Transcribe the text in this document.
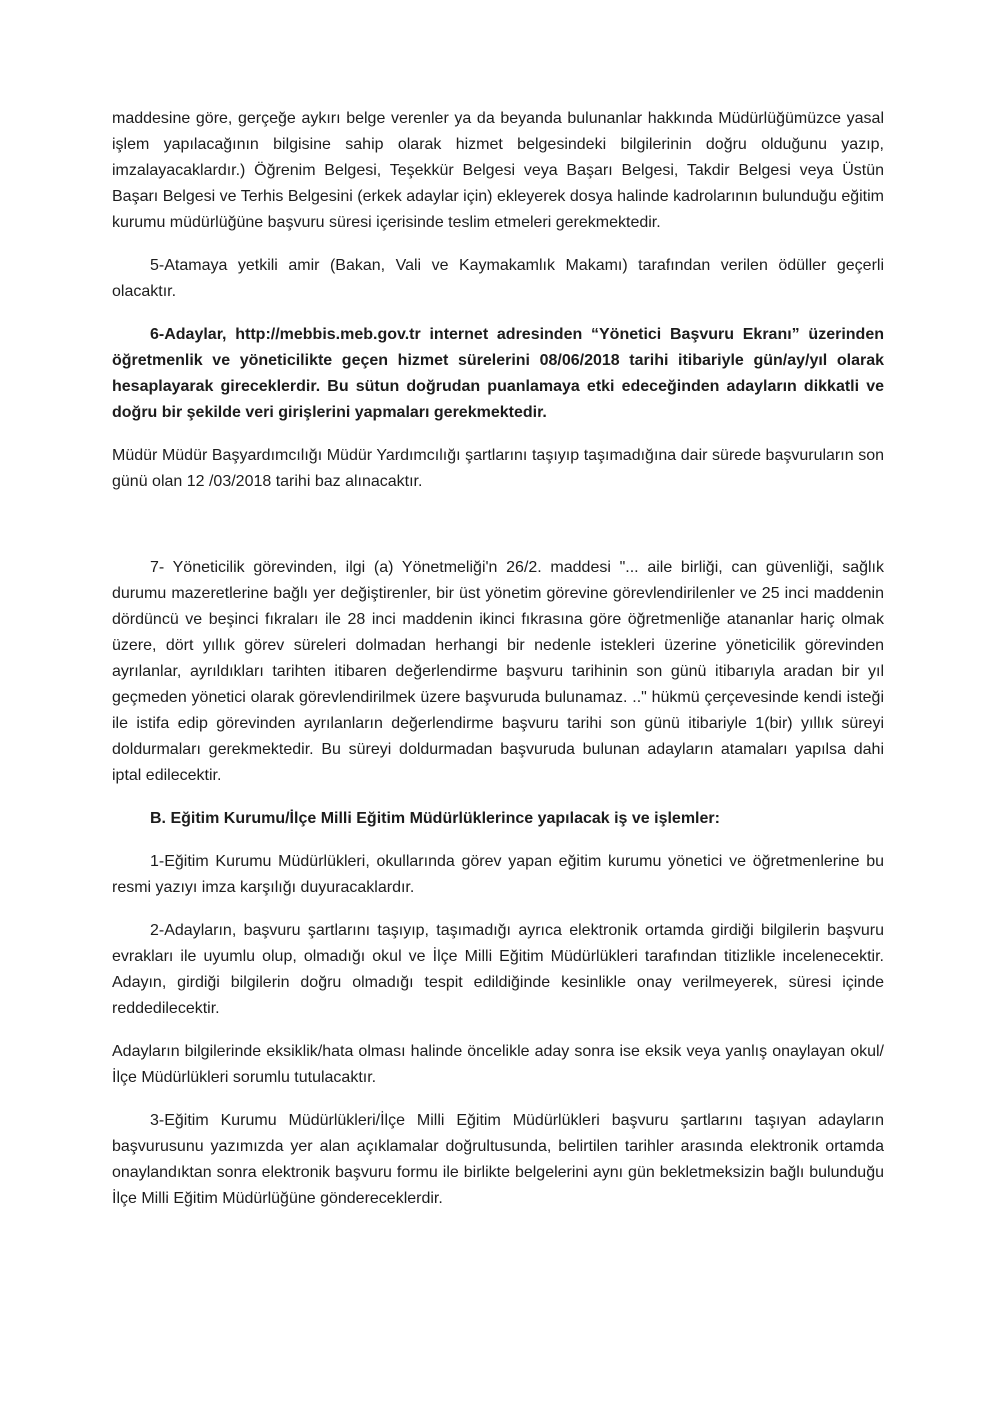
maddesine göre, gerçeğe aykırı belge verenler ya da beyanda bulunanlar hakkında Müdürlüğümüzce yasal işlem yapılacağının bilgisine sahip olarak hizmet belgesindeki bilgilerinin doğru olduğunu yazıp, imzalayacaklardır.) Öğrenim Belgesi, Teşekkür Belgesi veya Başarı Belgesi, Takdir Belgesi veya Üstün Başarı Belgesi ve Terhis Belgesini (erkek adaylar için) ekleyerek dosya halinde kadrolarının bulunduğu eğitim kurumu müdürlüğüne başvuru süresi içerisinde teslim etmeleri gerekmektedir.

5-Atamaya yetkili amir (Bakan, Vali ve Kaymakamlık Makamı) tarafından verilen ödüller geçerli olacaktır.

6-Adaylar, http://mebbis.meb.gov.tr internet adresinden “Yönetici Başvuru Ekranı” üzerinden öğretmenlik ve yöneticilikte geçen hizmet sürelerini 08/06/2018 tarihi itibariyle gün/ay/yıl olarak hesaplayarak gireceklerdir. Bu sütun doğrudan puanlamaya etki edeceğinden adayların dikkatli ve doğru bir şekilde veri girişlerini yapmaları gerekmektedir.

Müdür Müdür Başyardımcılığı Müdür Yardımcılığı şartlarını taşıyıp taşımadığına dair sürede başvuruların son günü olan 12 /03/2018 tarihi baz alınacaktır.

7- Yöneticilik görevinden, ilgi (a) Yönetmeliği'n 26/2. maddesi "... aile birliği, can güvenliği, sağlık durumu mazeretlerine bağlı yer değiştirenler, bir üst yönetim görevine görevlendirilenler ve 25 inci maddenin dördüncü ve beşinci fıkraları ile 28 inci maddenin ikinci fıkrasına göre öğretmenliğe atananlar hariç olmak üzere, dört yıllık görev süreleri dolmadan herhangi bir nedenle istekleri üzerine yöneticilik görevinden ayrılanlar, ayrıldıkları tarihten itibaren değerlendirme başvuru tarihinin son günü itibarıyla aradan bir yıl geçmeden yönetici olarak görevlendirilmek üzere başvuruda bulunamaz. .." hükmü çerçevesinde kendi isteği ile istifa edip görevinden ayrılanların değerlendirme başvuru tarihi son günü itibariyle 1(bir) yıllık süreyi doldurmaları gerekmektedir. Bu süreyi doldurmadan başvuruda bulunan adayların atamaları yapılsa dahi iptal edilecektir.

B. Eğitim Kurumu/İlçe Milli Eğitim Müdürlüklerince yapılacak iş ve işlemler:

1-Eğitim Kurumu Müdürlükleri, okullarında görev yapan eğitim kurumu yönetici ve öğretmenlerine bu resmi yazıyı imza karşılığı duyuracaklardır.

2-Adayların, başvuru şartlarını taşıyıp, taşımadığı ayrıca elektronik ortamda girdiği bilgilerin başvuru evrakları ile uyumlu olup, olmadığı okul ve İlçe Milli Eğitim Müdürlükleri tarafından titizlikle incelenecektir. Adayın, girdiği bilgilerin doğru olmadığı tespit edildiğinde kesinlikle onay verilmeyerek, süresi içinde reddedilecektir.

Adayların bilgilerinde eksiklik/hata olması halinde öncelikle aday sonra ise eksik veya yanlış onaylayan okul/İlçe Müdürlükleri sorumlu tutulacaktır.

3-Eğitim Kurumu Müdürlükleri/İlçe Milli Eğitim Müdürlükleri başvuru şartlarını taşıyan adayların başvurusunu yazımızda yer alan açıklamalar doğrultusunda, belirtilen tarihler arasında elektronik ortamda onaylandıktan sonra elektronik başvuru formu ile birlikte belgelerini aynı gün bekletmeksizin bağlı bulunduğu İlçe Milli Eğitim Müdürlüğüne göndereceklerdir.
